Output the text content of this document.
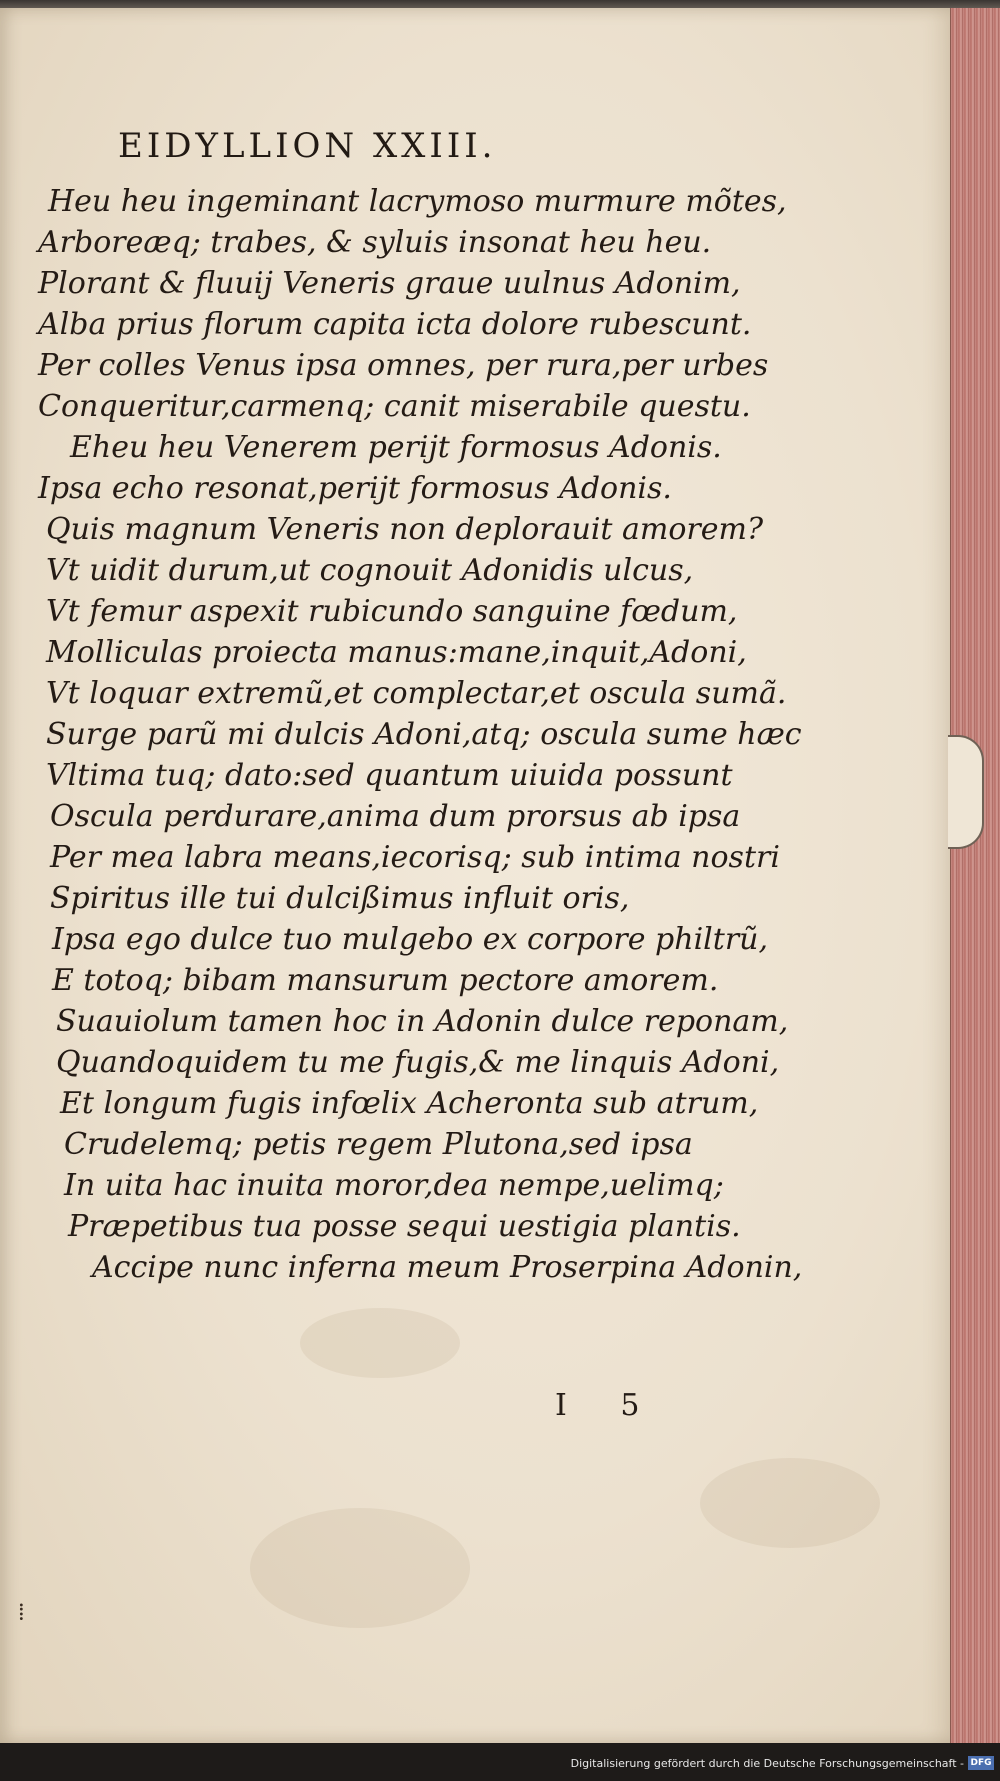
EIDYLLION XXIII.
Heu heu ingeminant lacrymoso murmure mõtes,
Arboreæq; trabes, & syluis insonat heu heu.
Plorant & fluuij Veneris graue uulnus Adonim,
Alba prius florum capita icta dolore rubescunt.
Per colles Venus ipsa omnes, per rura,per urbes
Conqueritur,carmenq; canit miserabile questu.
Eheu heu Venerem perijt formosus Adonis.
Ipsa echo resonat,perijt formosus Adonis.
Quis magnum Veneris non deplorauit amorem?
Vt uidit durum,ut cognouit Adonidis ulcus,
Vt femur aspexit rubicundo sanguine fœdum,
Molliculas proiecta manus:mane,inquit,Adoni,
Vt loquar extremũ,et complectar,et oscula sumã.
Surge parũ mi dulcis Adoni,atq; oscula sume hæc
Vltima tuq; dato:sed quantum uiuida possunt
Oscula perdurare,anima dum prorsus ab ipsa
Per mea labra means,iecorisq; sub intima nostri
Spiritus ille tui dulcißimus influit oris,
Ipsa ego dulce tuo mulgebo ex corpore philtrũ,
E totoq; bibam mansurum pectore amorem.
Suauiolum tamen hoc in Adonin dulce reponam,
Quandoquidem tu me fugis,& me linquis Adoni,
Et longum fugis infœlix Acheronta sub atrum,
Crudelemq; petis regem Plutona,sed ipsa
In uita hac inuita moror,dea nempe,uelimq;
Præpetibus tua posse sequi uestigia plantis.
Accipe nunc inferna meum Proserpina Adonin,
I 5
⁞
Digitalisierung gefördert durch die Deutsche Forschungsgemeinschaft - DFG
